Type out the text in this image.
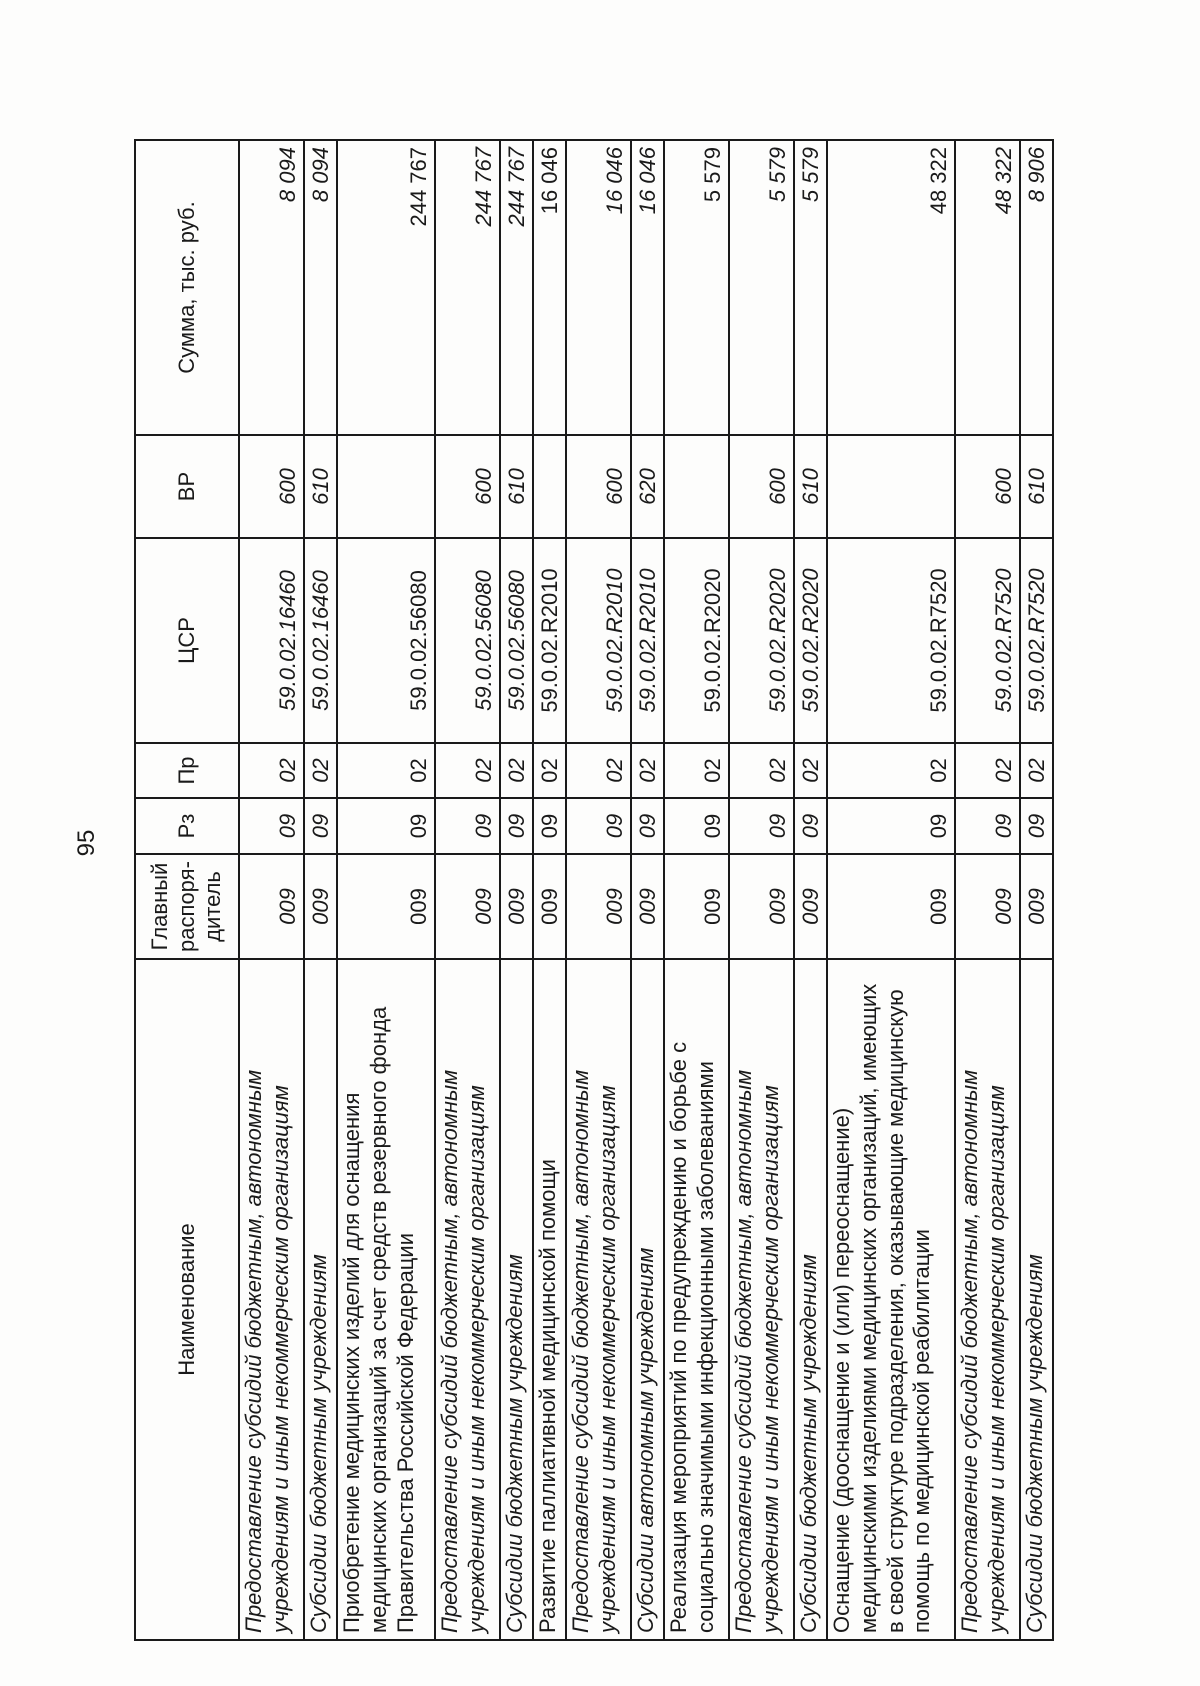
95
Наименование	Главный распоря-дитель	Рз	Пр	ЦСР	ВР	Сумма, тыс. руб.
Предоставление субсидий бюджетным, автономным учреждениям и иным некоммерческим организациям	009	09	02	59.0.02.16460	600	8 094
Субсидии бюджетным учреждениям	009	09	02	59.0.02.16460	610	8 094
Приобретение медицинских изделий для оснащения медицинских организаций за счет средств резервного фонда Правительства Российской Федерации	009	09	02	59.0.02.56080		244 767
Предоставление субсидий бюджетным, автономным учреждениям и иным некоммерческим организациям	009	09	02	59.0.02.56080	600	244 767
Субсидии бюджетным учреждениям	009	09	02	59.0.02.56080	610	244 767
Развитие паллиативной медицинской помощи	009	09	02	59.0.02.R2010		16 046
Предоставление субсидий бюджетным, автономным учреждениям и иным некоммерческим организациям	009	09	02	59.0.02.R2010	600	16 046
Субсидии автономным учреждениям	009	09	02	59.0.02.R2010	620	16 046
Реализация мероприятий по предупреждению и борьбе с социально значимыми инфекционными заболеваниями	009	09	02	59.0.02.R2020		5 579
Предоставление субсидий бюджетным, автономным учреждениям и иным некоммерческим организациям	009	09	02	59.0.02.R2020	600	5 579
Субсидии бюджетным учреждениям	009	09	02	59.0.02.R2020	610	5 579
Оснащение (дооснащение и (или) переоснащение) медицинскими изделиями медицинских организаций, имеющих в своей структуре подразделения, оказывающие медицинскую помощь по медицинской реабилитации	009	09	02	59.0.02.R7520		48 322
Предоставление субсидий бюджетным, автономным учреждениям и иным некоммерческим организациям	009	09	02	59.0.02.R7520	600	48 322
Субсидии бюджетным учреждениям	009	09	02	59.0.02.R7520	610	8 906
